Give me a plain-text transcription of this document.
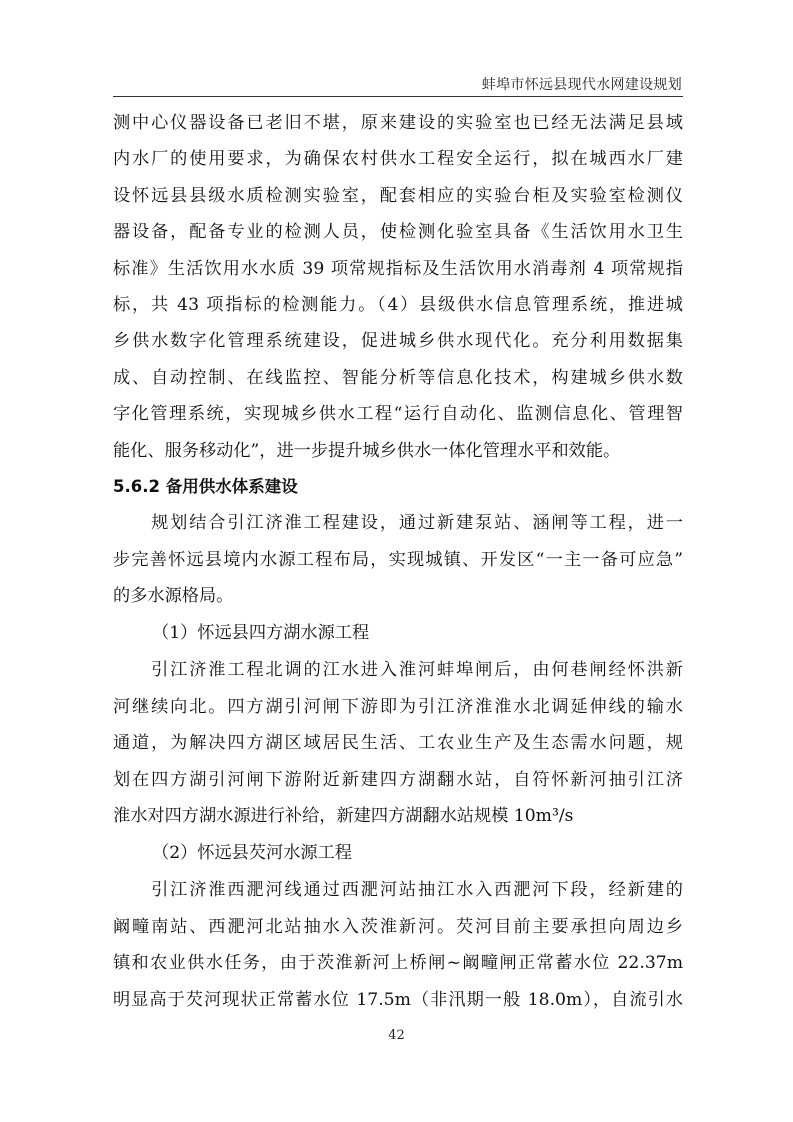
蚌埠市怀远县现代水网建设规划
测中心仪器设备已老旧不堪，原来建设的实验室也已经无法满足县域
内水厂的使用要求，为确保农村供水工程安全运行，拟在城西水厂建
设怀远县县级水质检测实验室，配套相应的实验台柜及实验室检测仪
器设备，配备专业的检测人员，使检测化验室具备《生活饮用水卫生
标准》生活饮用水水质 39 项常规指标及生活饮用水消毒剂 4 项常规指
标，共 43 项指标的检测能力。（4）县级供水信息管理系统，推进城
乡供水数字化管理系统建设，促进城乡供水现代化。充分利用数据集
成、自动控制、在线监控、智能分析等信息化技术，构建城乡供水数
字化管理系统，实现城乡供水工程“运行自动化、监测信息化、管理智
能化、服务移动化”，进一步提升城乡供水一体化管理水平和效能。
5.6.2 备用供水体系建设
　　规划结合引江济淮工程建设，通过新建泵站、涵闸等工程，进一
步完善怀远县境内水源工程布局，实现城镇、开发区“一主一备可应急”
的多水源格局。
（1）怀远县四方湖水源工程
　　引江济淮工程北调的江水进入淮河蚌埠闸后，由何巷闸经怀洪新
河继续向北。四方湖引河闸下游即为引江济淮淮水北调延伸线的输水
通道，为解决四方湖区域居民生活、工农业生产及生态需水问题，规
划在四方湖引河闸下游附近新建四方湖翻水站，自符怀新河抽引江济
淮水对四方湖水源进行补给，新建四方湖翻水站规模 10m³/s
（2）怀远县芡河水源工程
　　引江济淮西淝河线通过西淝河站抽江水入西淝河下段，经新建的
阚疃南站、西淝河北站抽水入茨淮新河。芡河目前主要承担向周边乡
镇和农业供水任务，由于茨淮新河上桥闸~阚疃闸正常蓄水位 22.37m
明显高于芡河现状正常蓄水位 17.5m（非汛期一般 18.0m），自流引水
42
